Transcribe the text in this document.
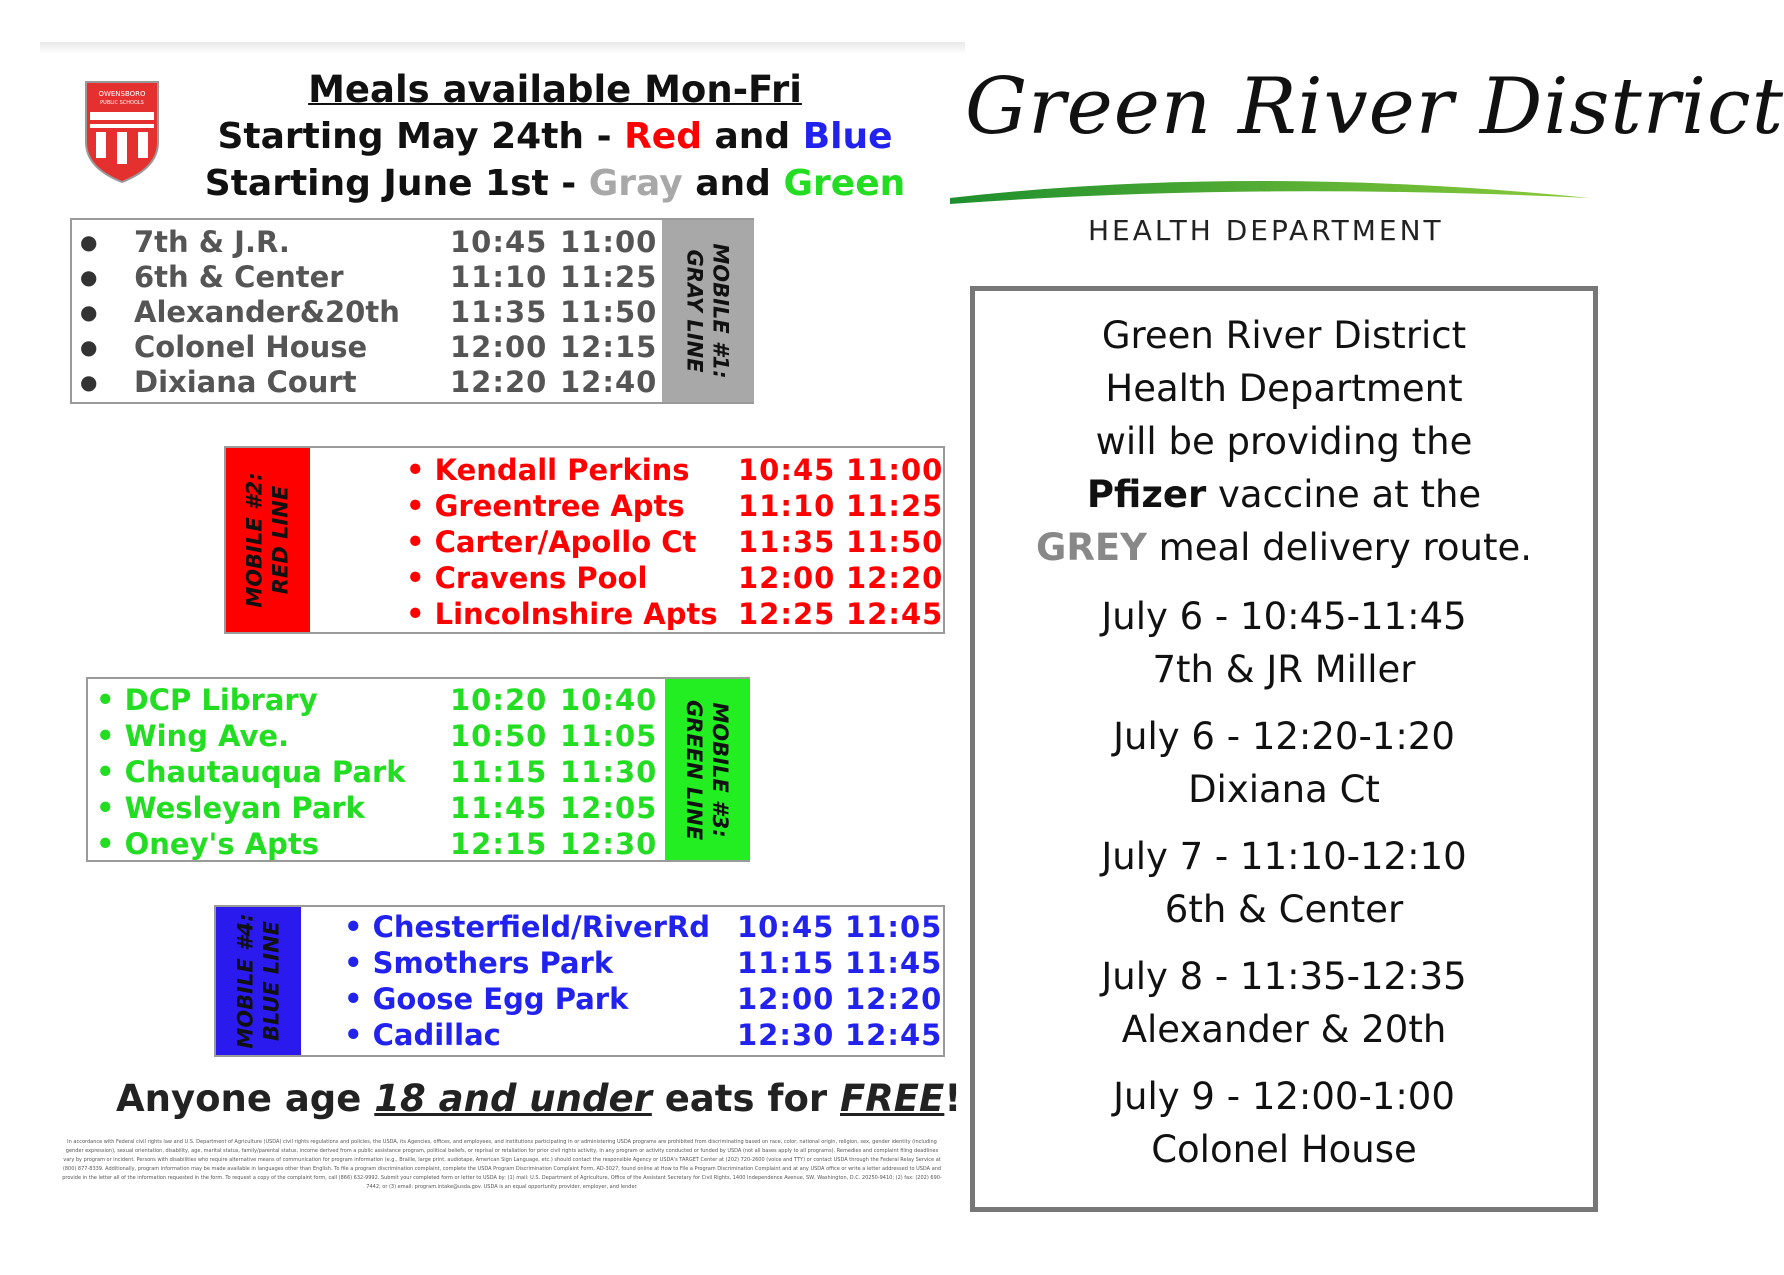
OWENSBORO
PUBLIC SCHOOLS	Meals available Mon-Fri
Starting May 24th - Red and Blue
Starting June 1st - Gray and Green
● 7th & J.R.	10:45 11:00
● 6th & Center	11:10 11:25
● Alexander&20th 11:35 11:50
● Colonel House	12:00 12:15
● Dixiana Court	12:20 12:40
MOBILE #1:
GRAY LINE
MOBILE #2: RED LINE
• Kendall Perkins 10:45 11:00
• Greentree Apts 11:10 11:25
• Carter/Apollo Ct 11:35 11:50
• Cravens Pool	12:00 12:20
• Lincolnshire Apts 12:25 12:45
• DCP Library	10:20 10:40
• Wing Ave.	10:50 11:05
• Chautauqua Park 11:15 11:30
• Wesleyan Park	11:45 12:05
• Oney's Apts	12:15 12:30
MOBILE #3:
GREEN LINE
MOBILE #4: BLUE LINE • Chesterfield/RiverRd 10:45 11:05
• Smothers Park	11:15 11:45
• Goose Egg Park	12:00 12:20
• Cadillac	12:30 12:45
Anyone age 18 and under eats for FREE!
In accordance with Federal civil rights law and U.S. Department of Agriculture (USDA) civil rights regulations and policies, the USDA, its Agencies, offices, and employees, and institutions participating in or administering USDA programs are prohibited from discriminating based on race, color, national origin, religion, sex, gender identity (including gender expression), sexual orientation, disability, age, marital status, family/parental status, income derived from a public assistance program, political beliefs, or reprisal or retaliation for prior civil rights activity, in any program or activity conducted or funded by USDA (not all bases apply to all programs). Remedies and complaint filing deadlines vary by program or incident. Persons with disabilities who require alternative means of communication for program information (e.g., Braille, large print, audiotape, American Sign Language, etc.) should contact the responsible Agency or USDA's TARGET Center at (202) 720-2600 (voice and TTY) or contact USDA through the Federal Relay Service at (800) 877-8339. Additionally, program information may be made available in languages other than English. To file a program discrimination complaint, complete the USDA Program Discrimination Complaint Form, AD-3027, found online at How to File a Program Discrimination Complaint and at any USDA office or write a letter addressed to USDA and provide in the letter all of the information requested in the form. To request a copy of the complaint form, call (866) 632-9992. Submit your completed form or letter to USDA by: (1) mail: U.S. Department of Agriculture, Office of the Assistant Secretary for Civil Rights, 1400 Independence Avenue, SW, Washington, D.C. 20250-9410; (2) fax: (202) 690-7442; or (3) email: program.intake@usda.gov. USDA is an equal opportunity provider, employer, and lender.
Green River District
HEALTH DEPARTMENT
Green River District
Health Department
will be providing the
Pfizer vaccine at the
GREY meal delivery route.
July 6 - 10:45-11:45
7th & JR Miller
July 6 - 12:20-1:20
Dixiana Ct
July 7 - 11:10-12:10
6th & Center
July 8 - 11:35-12:35
Alexander & 20th
July 9 - 12:00-1:00
Colonel House
